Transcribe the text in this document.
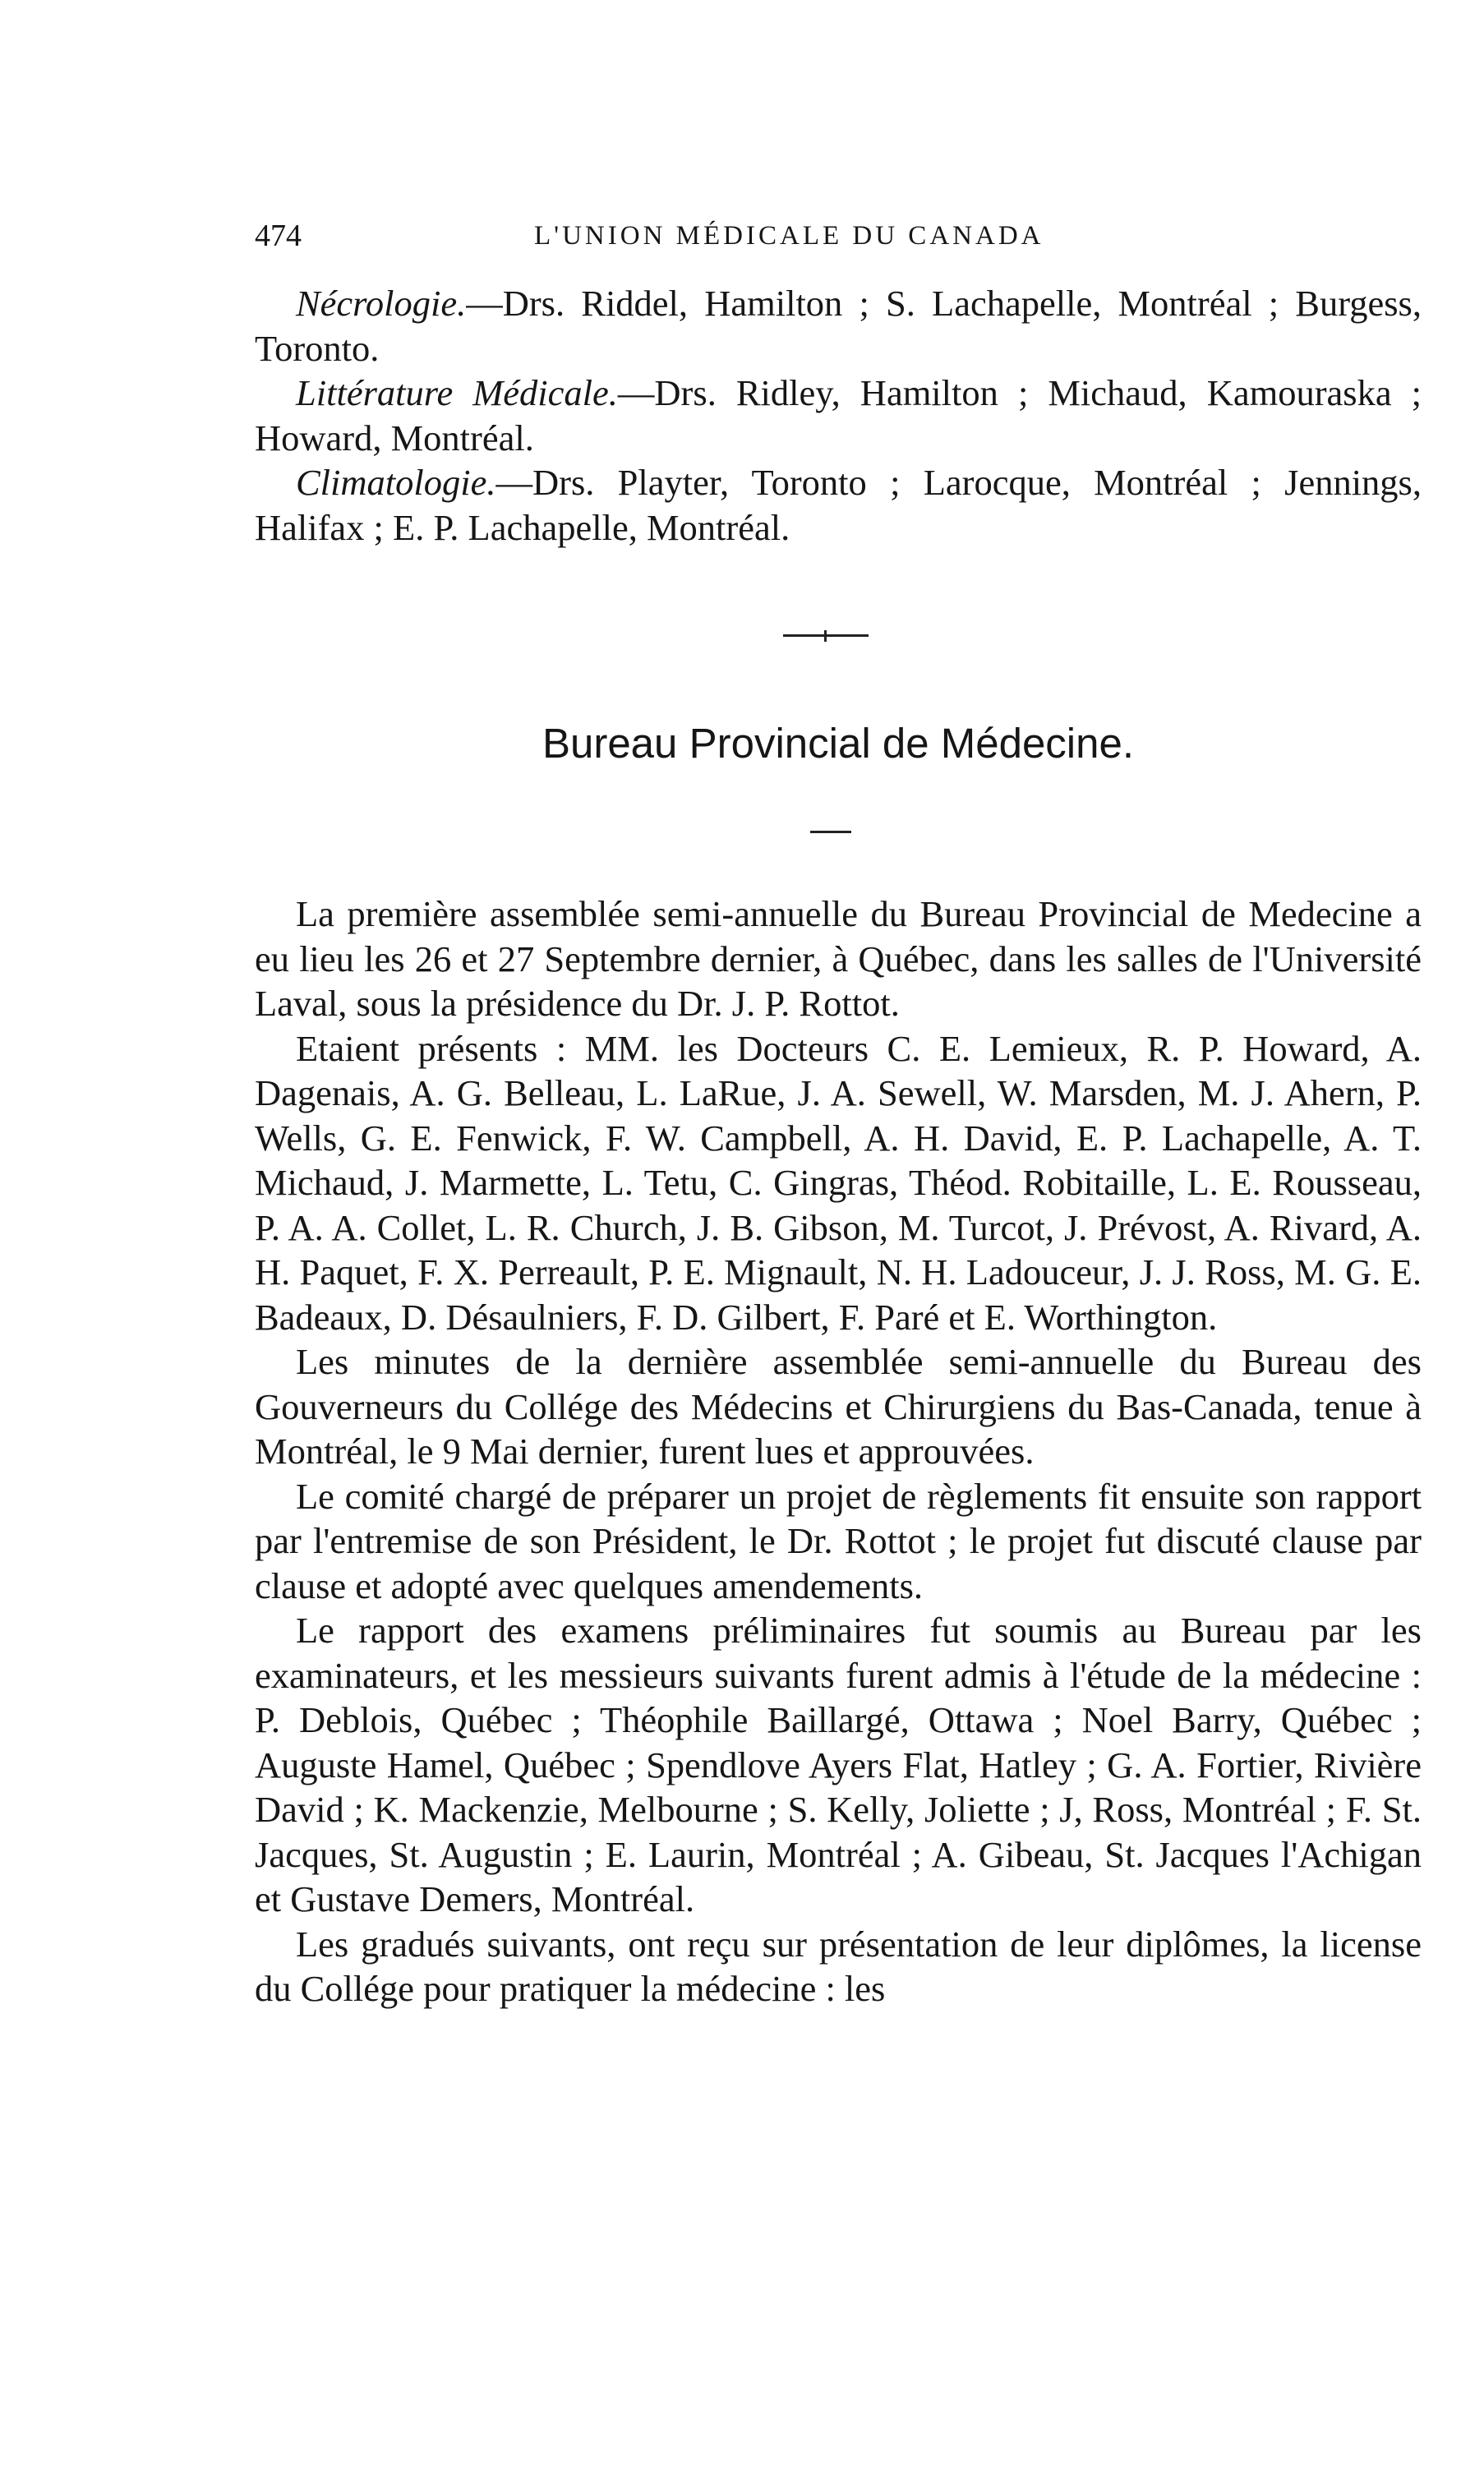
474	L'UNION MÉDICALE DU CANADA

Nécrologie.—Drs. Riddel, Hamilton ; S. Lachapelle, Montréal ; Burgess, Toronto.

Littérature Médicale.—Drs. Ridley, Hamilton ; Michaud, Kamouraska ; Howard, Montréal.

Climatologie.—Drs. Playter, Toronto ; Larocque, Montréal ; Jennings, Halifax ; E. P. Lachapelle, Montréal.

Bureau Provincial de Médecine.

La première assemblée semi-annuelle du Bureau Provincial de Medecine a eu lieu les 26 et 27 Septembre dernier, à Québec, dans les salles de l'Université Laval, sous la présidence du Dr. J. P. Rottot.

Etaient présents : MM. les Docteurs C. E. Lemieux, R. P. Howard, A. Dagenais, A. G. Belleau, L. LaRue, J. A. Sewell, W. Marsden, M. J. Ahern, P. Wells, G. E. Fenwick, F. W. Campbell, A. H. David, E. P. Lachapelle, A. T. Michaud, J. Marmette, L. Tetu, C. Gingras, Théod. Robitaille, L. E. Rousseau, P. A. A. Collet, L. R. Church, J. B. Gibson, M. Turcot, J. Prévost, A. Rivard, A. H. Paquet, F. X. Perreault, P. E. Mignault, N. H. Ladouceur, J. J. Ross, M. G. E. Badeaux, D. Désaulniers, F. D. Gilbert, F. Paré et E. Worthington.

Les minutes de la dernière assemblée semi-annuelle du Bureau des Gouverneurs du Collége des Médecins et Chirurgiens du Bas-Canada, tenue à Montréal, le 9 Mai dernier, furent lues et approuvées.

Le comité chargé de préparer un projet de règlements fit ensuite son rapport par l'entremise de son Président, le Dr. Rottot ; le projet fut discuté clause par clause et adopté avec quelques amendements.

Le rapport des examens préliminaires fut soumis au Bureau par les examinateurs, et les messieurs suivants furent admis à l'étude de la médecine : P. Deblois, Québec ; Théophile Baillargé, Ottawa ; Noel Barry, Québec ; Auguste Hamel, Québec ; Spendlove Ayers Flat, Hatley ; G. A. Fortier, Rivière David ; K. Mackenzie, Melbourne ; S. Kelly, Joliette ; J, Ross, Montréal ; F. St. Jacques, St. Augustin ; E. Laurin, Montréal ; A. Gibeau, St. Jacques l'Achigan et Gustave Demers, Montréal.

Les gradués suivants, ont reçu sur présentation de leur diplômes, la license du Collége pour pratiquer la médecine : les
